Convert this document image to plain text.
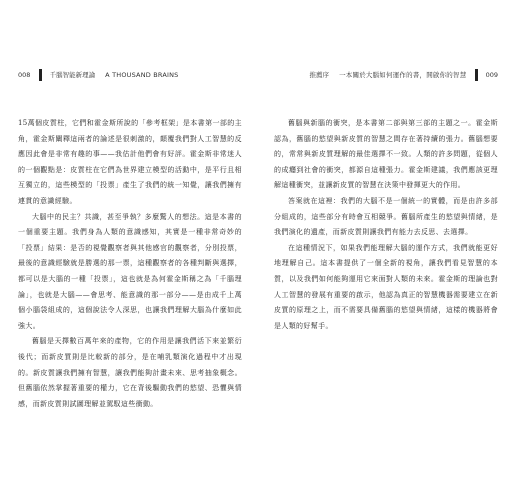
008	千腦智能新理論 A THOUSAND BRAINS

15萬個皮質柱，它們和霍金斯所說的「參考框架」是本書第一部的主角，霍金斯闡釋這兩者的論述是很刺激的，顛覆我們對人工智慧的反應因此會是非常有趣的事——我估計他們會有好評。霍金斯非常迷人的一個觀點是：皮質柱在它們為世界建立模型的活動中，是平行且相互獨立的，這些模型的「投票」產生了我們的統一知覺，讓我們擁有連貫的意識經驗。

大腦中的民主？共識，甚至爭執？多麼驚人的想法。這是本書的一個重要主題。我們身為人類的意識感知，其實是一種非常奇妙的「投票」結果：是否的視覺觀察者與其他感官的觀察者，分別投票，最後的意識經驗就是勝選的那一票，這種觀察者的各種判斷與選擇，都可以是大腦的一種「投票」，這也就是為何霍金斯稱之為「千腦理論」，也就是大腦——會思考、能意識的那一部分——是由成千上萬個小腦袋組成的，這個說法令人深思，也讓我們理解大腦為什麼如此強大。

舊腦是天擇數百萬年來的產物，它的作用是讓我們活下來並繁衍後代；而新皮質則是比較新的部分，是在哺乳類演化過程中才出現的。新皮質讓我們擁有智慧，讓我們能夠計畫未來、思考抽象概念。但舊腦依然掌握著重要的權力，它在背後驅動我們的慾望、恐懼與情感，而新皮質則試圖理解並駕馭這些衝動。

推薦序 一本關於大腦如何運作的書，開啟你的智慧	009

舊腦與新腦的衝突，是本書第二部與第三部的主題之一。霍金斯認為，舊腦的慾望與新皮質的智慧之間存在著持續的張力。舊腦想要的，常常與新皮質理解的最佳選擇不一致。人類的許多問題，從個人的成癮到社會的衝突，都源自這種張力。霍金斯建議，我們應該更理解這種衝突，並讓新皮質的智慧在決策中發揮更大的作用。

答案就在這裡：我們的大腦不是一個統一的實體，而是由許多部分組成的，這些部分有時會互相競爭。舊腦所產生的慾望與情緒，是我們演化的遺產，而新皮質則讓我們有能力去反思、去選擇。

在這種情況下，如果我們能理解大腦的運作方式，我們就能更好地理解自己。這本書提供了一個全新的視角，讓我們看見智慧的本質，以及我們如何能夠運用它來面對人類的未來。霍金斯的理論也對人工智慧的發展有重要的啟示，他認為真正的智慧機器需要建立在新皮質的原理之上，而不需要具備舊腦的慾望與情緒，這樣的機器將會是人類的好幫手。
